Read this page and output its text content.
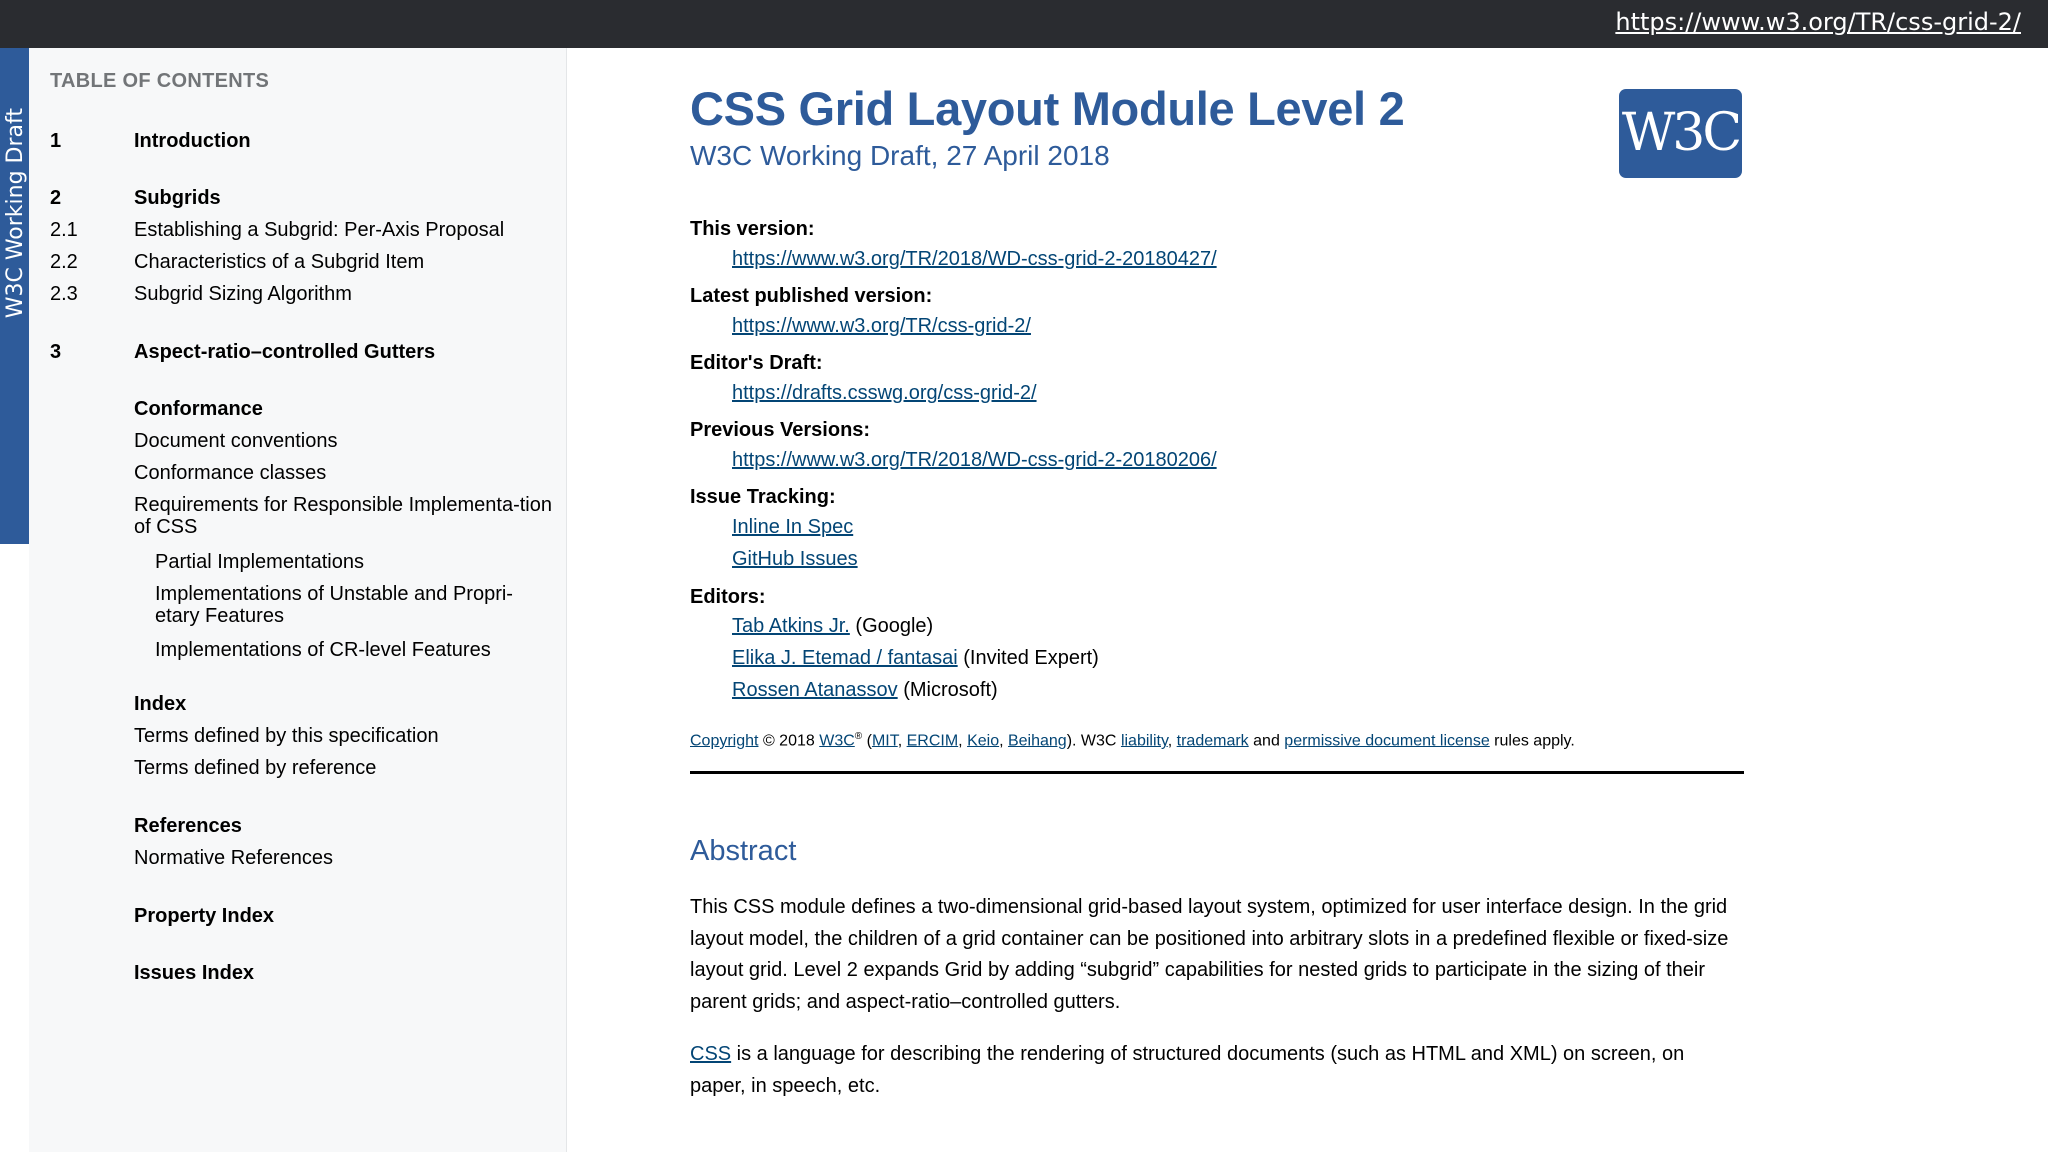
https://www.w3.org/TR/css-grid-2/
W3C Working Draft
TABLE OF CONTENTS
1	Introduction
2	Subgrids
2.1	Establishing a Subgrid: Per-Axis Proposal
2.2	Characteristics of a Subgrid Item
2.3	Subgrid Sizing Algorithm
3	Aspect-ratio–controlled Gutters
Conformance
Document conventions
Conformance classes
Requirements for Responsible Implementa-tion of CSS
Partial Implementations
Implementations of Unstable and Propri-etary Features
Implementations of CR-level Features
Index
Terms defined by this specification
Terms defined by reference
References
Normative References
Property Index
Issues Index
CSS Grid Layout Module Level 2
W3C Working Draft, 27 April 2018	W3C
This version:
https://www.w3.org/TR/2018/WD-css-grid-2-20180427/
Latest published version:
https://www.w3.org/TR/css-grid-2/
Editor's Draft:
https://drafts.csswg.org/css-grid-2/
Previous Versions:
https://www.w3.org/TR/2018/WD-css-grid-2-20180206/
Issue Tracking:
Inline In Spec
GitHub Issues
Editors:
Tab Atkins Jr. (Google)
Elika J. Etemad / fantasai (Invited Expert)
Rossen Atanassov (Microsoft)
Copyright © 2018 W3C® (MIT, ERCIM, Keio, Beihang). W3C liability, trademark and permissive document license rules apply.
Abstract
This CSS module defines a two-dimensional grid-based layout system, optimized for user interface design. In the grid layout model, the children of a grid container can be positioned into arbitrary slots in a predefined flexible or fixed-size layout grid. Level 2 expands Grid by adding “subgrid” capabilities for nested grids to participate in the sizing of their parent grids; and aspect-ratio–controlled gutters.
CSS is a language for describing the rendering of structured documents (such as HTML and XML) on screen, on paper, in speech, etc.
